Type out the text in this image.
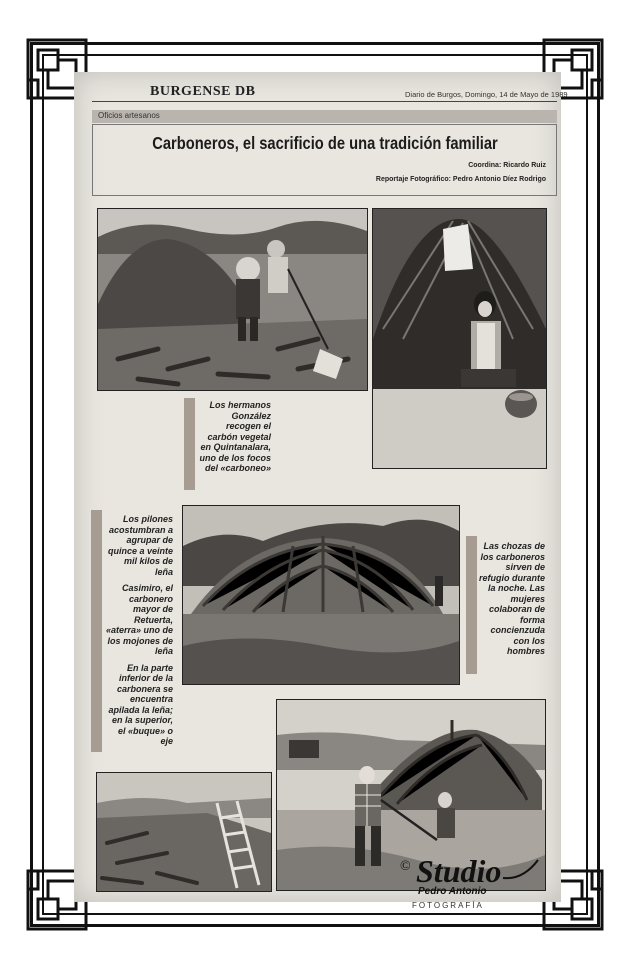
BURGENSE DB	Diario de Burgos, Domingo, 14 de Mayo de 1989
Oficios artesanos
Carboneros, el sacrificio de una tradición familiar
Coordina: Ricardo Ruiz
Reportaje Fotográfico: Pedro Antonio Díez Rodrigo

Los hermanos González recogen el carbón vegetal en Quintanalara, uno de los focos del «carboneo»

Los pilones acostumbran a agrupar de quince a veinte mil kilos de leña

Casimiro, el carbonero mayor de Retuerta, «aterra» uno de los mojones de leña

En la parte inferior de la carbonera se encuentra apilada la leña; en la superior, el «buque» o eje

Las chozas de los carboneros sirven de refugio durante la noche. Las mujeres colaboran de forma concienzuda con los hombres

© Studio
Pedro Antonio
FOTOGRAFÍA
